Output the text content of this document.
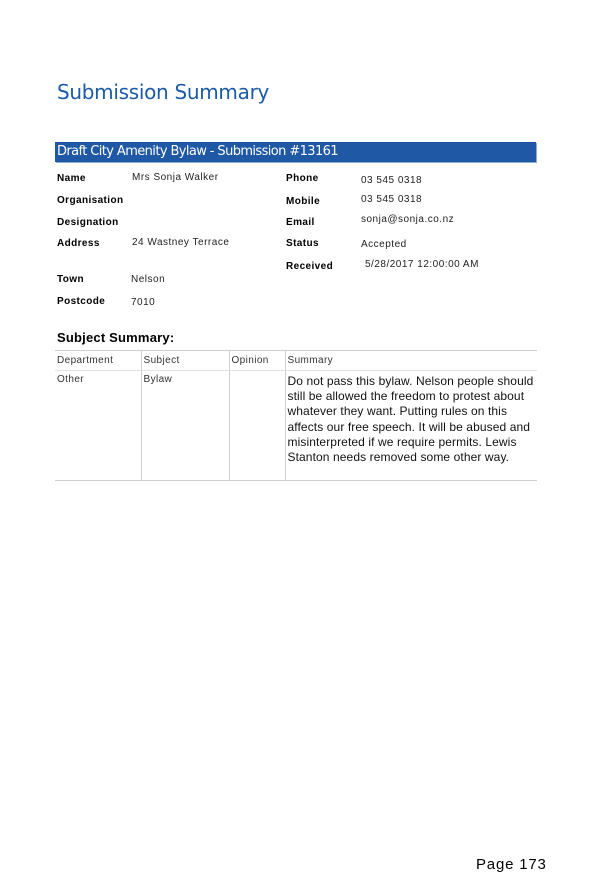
Submission Summary
Draft City Amenity Bylaw - Submission #13161
Name	Mrs Sonja Walker
Organisation
Designation
Address	24 Wastney Terrace
Town	Nelson
Postcode	7010
Phone	03 545 0318
Mobile	03 545 0318
Email	sonja@sonja.co.nz
Status	Accepted
Received	5/28/2017 12:00:00 AM
Subject Summary:
Department	Subject	Opinion	Summary
Other	Bylaw		Do not pass this bylaw. Nelson people should still be allowed the freedom to protest about whatever they want. Putting rules on this affects our free speech. It will be abused and misinterpreted if we require permits. Lewis Stanton needs removed some other way.
Page 173
